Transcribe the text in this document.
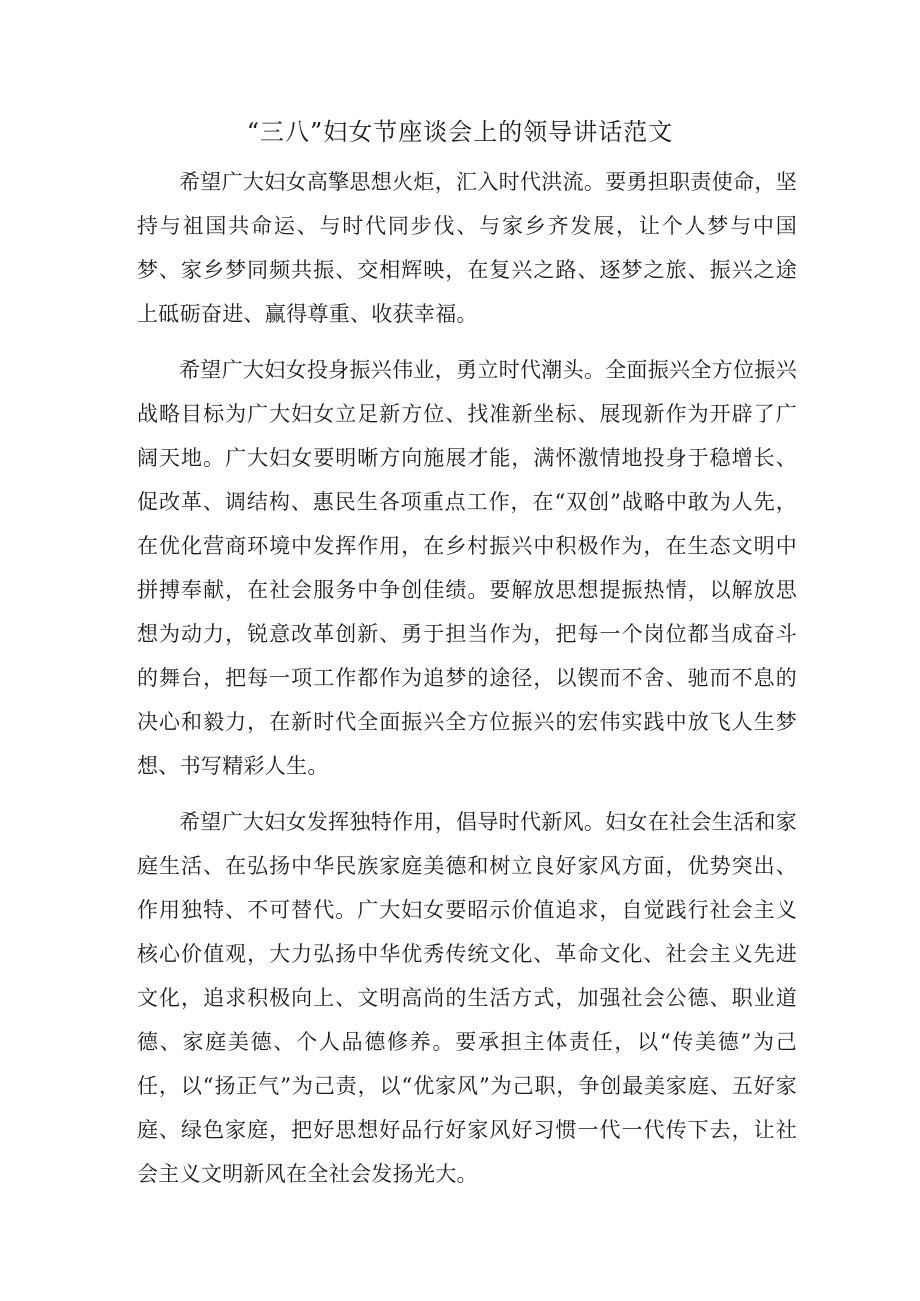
“三八”妇女节座谈会上的领导讲话范文

希望广大妇女高擎思想火炬，汇入时代洪流。要勇担职责使命，坚持与祖国共命运、与时代同步伐、与家乡齐发展，让个人梦与中国梦、家乡梦同频共振、交相辉映，在复兴之路、逐梦之旅、振兴之途上砥砺奋进、赢得尊重、收获幸福。

希望广大妇女投身振兴伟业，勇立时代潮头。全面振兴全方位振兴战略目标为广大妇女立足新方位、找准新坐标、展现新作为开辟了广阔天地。广大妇女要明晰方向施展才能，满怀激情地投身于稳增长、促改革、调结构、惠民生各项重点工作，在“双创”战略中敢为人先，在优化营商环境中发挥作用，在乡村振兴中积极作为，在生态文明中拼搏奉献，在社会服务中争创佳绩。要解放思想提振热情，以解放思想为动力，锐意改革创新、勇于担当作为，把每一个岗位都当成奋斗的舞台，把每一项工作都作为追梦的途径，以锲而不舍、驰而不息的决心和毅力，在新时代全面振兴全方位振兴的宏伟实践中放飞人生梦想、书写精彩人生。

希望广大妇女发挥独特作用，倡导时代新风。妇女在社会生活和家庭生活、在弘扬中华民族家庭美德和树立良好家风方面，优势突出、作用独特、不可替代。广大妇女要昭示价值追求，自觉践行社会主义核心价值观，大力弘扬中华优秀传统文化、革命文化、社会主义先进文化，追求积极向上、文明高尚的生活方式，加强社会公德、职业道德、家庭美德、个人品德修养。要承担主体责任，以“传美德”为己任，以“扬正气”为己责，以“优家风”为己职，争创最美家庭、五好家庭、绿色家庭，把好思想好品行好家风好习惯一代一代传下去，让社会主义文明新风在全社会发扬光大。
